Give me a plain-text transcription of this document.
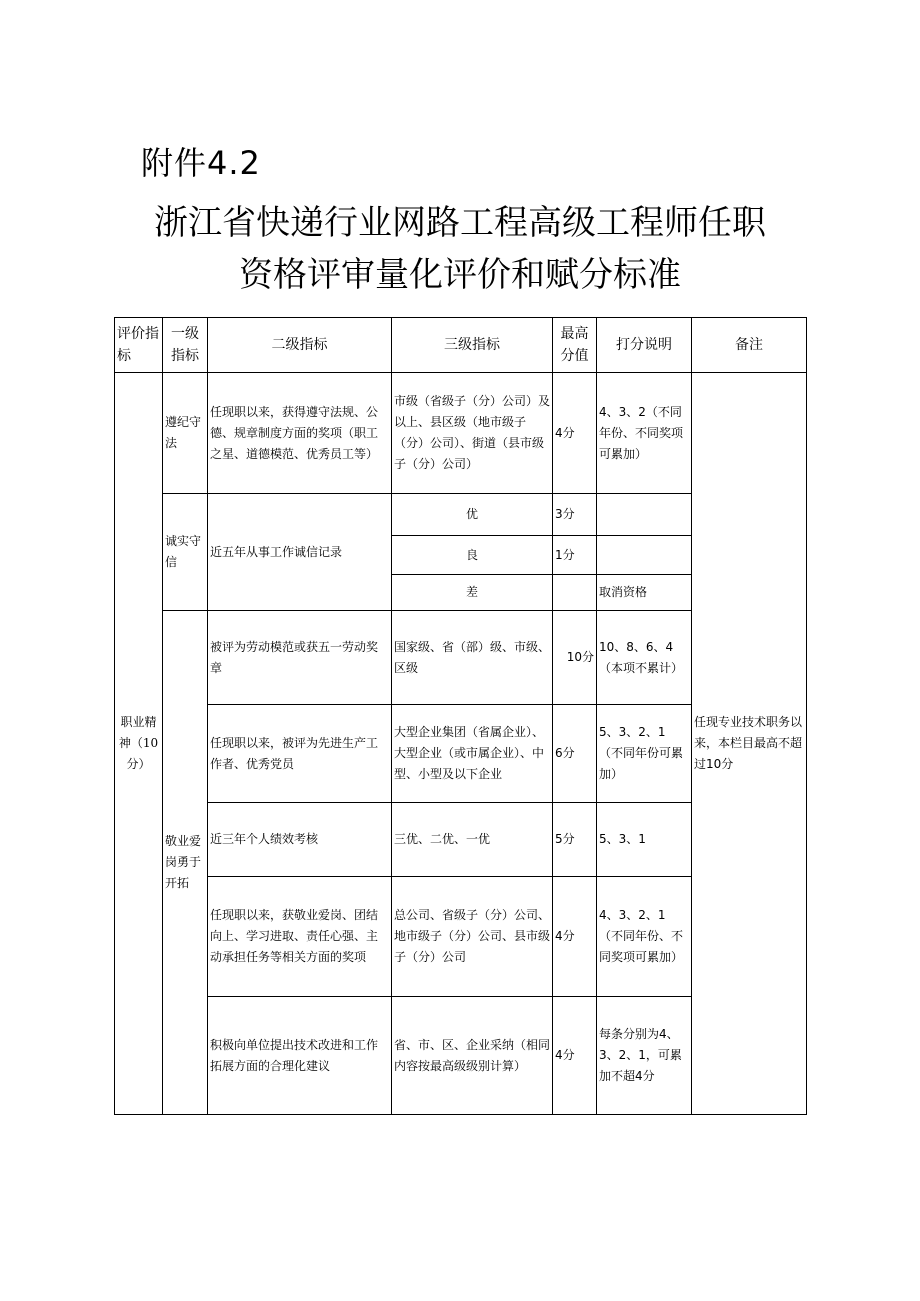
附件4.2
浙江省快递行业网路工程高级工程师任职
资格评审量化评价和赋分标准
评价指标	一级指标	二级指标	三级指标	最高分值	打分说明	备注
职业精神（10分）	遵纪守法	任现职以来，获得遵守法规、公德、规章制度方面的奖项（职工之星、道德模范、优秀员工等）	市级（省级子（分）公司）及以上、县区级（地市级子（分）公司）、街道（县市级子（分）公司）	4分	4、3、2（不同年份、不同奖项可累加）	任现专业技术职务以来，本栏目最高不超过10分
	诚实守信	近五年从事工作诚信记录	优	3分		
			良	1分		
			差		取消资格	
	敬业爱岗勇于开拓	被评为劳动模范或获五一劳动奖章	国家级、省（部）级、市级、区级	10分	10、8、6、4（本项不累计）	
		任现职以来，被评为先进生产工作者、优秀党员	大型企业集团（省属企业）、大型企业（或市属企业）、中型、小型及以下企业	6分	5、3、2、1（不同年份可累加）	
		近三年个人绩效考核	三优、二优、一优	5分	5、3、1	
		任现职以来，获敬业爱岗、团结向上、学习进取、责任心强、主动承担任务等相关方面的奖项	总公司、省级子（分）公司、地市级子（分）公司、县市级子（分）公司	4分	4、3、2、1（不同年份、不同奖项可累加）	
		积极向单位提出技术改进和工作拓展方面的合理化建议	省、市、区、企业采纳（相同内容按最高级级别计算）	4分	每条分别为4、3、2、1，可累加不超4分	
